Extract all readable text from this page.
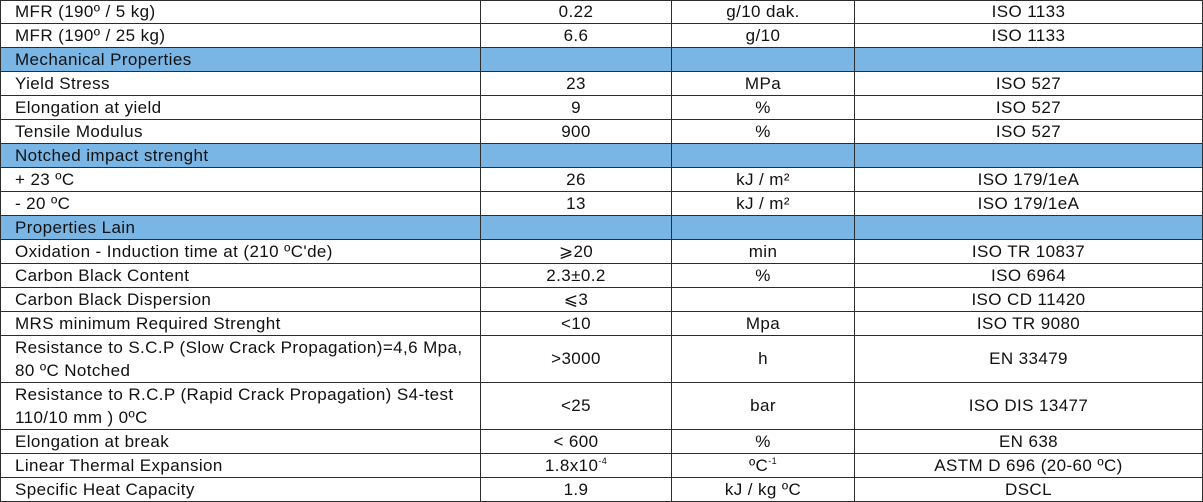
MFR (190º / 5 kg)	0.22	g/10 dak.	ISO 1133
MFR (190º / 25 kg)	6.6	g/10	ISO 1133
Mechanical Properties			
Yield Stress	23	MPa	ISO 527
Elongation at yield	9	%	ISO 527
Tensile Modulus	900	%	ISO 527
Notched impact strenght			
+ 23 ºC	26	kJ / m²	ISO 179/1eA
- 20 ºC	13	kJ / m²	ISO 179/1eA
Properties Lain			
Oxidation - Induction time at (210 ºC'de)	⩾20	min	ISO TR 10837
Carbon Black Content	2.3±0.2	%	ISO 6964
Carbon Black Dispersion	⩽3		ISO CD 11420
MRS minimum Required Strenght	<10	Mpa	ISO TR 9080
Resistance to S.C.P (Slow Crack Propagation)=4,6 Mpa, 80 ºC Notched	>3000	h	EN 33479
Resistance to R.C.P (Rapid Crack Propagation) S4-test 110/10 mm ) 0ºC	<25	bar	ISO DIS 13477
Elongation at break	< 600	%	EN 638
Linear Thermal Expansion	$1.8x10^{-4}$	ºC$^{-1}$	ASTM D 696 (20-60 ºC)
Specific Heat Capacity	1.9	kJ / kg ºC	DSCL
